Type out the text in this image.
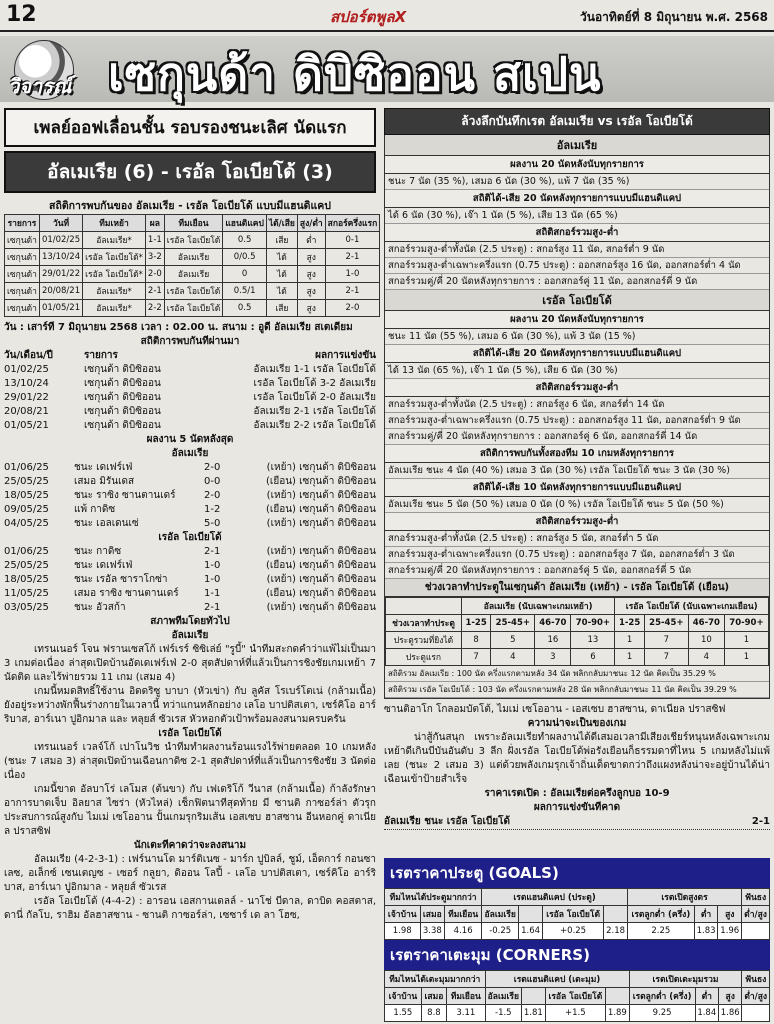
12	สปอร์ตพูลX	วันอาทิตย์ที่ 8 มิถุนายน พ.ศ. 2568
วิจารณ์ เซกุนด้า ดิบิซิออน สเปน
เพลย์ออฟเลื่อนชั้น รอบรองชนะเลิศ นัดแรก
อัลเมเรีย (6) - เรอัล โอเบียโด้ (3)
สถิติการพบกันของ อัลเมเรีย - เรอัล โอเบียโด้ แบบมีแฮนดิแคป
รายการ	วันที่	ทีมเหย้า	ผล	ทีมเยือน	แฮนดิแคป	ได้/เสีย	สูง/ต่ำ	สกอร์ครึ่งแรก
เซกุนด้า	01/02/25	อัลเมเรีย*	1-1	เรอัล โอเบียโด้	0.5	เสีย	ต่ำ	0-1
เซกุนด้า	13/10/24	เรอัล โอเบียโด้*	3-2	อัลเมเรีย	0/0.5	ได้	สูง	2-1
เซกุนด้า	29/01/22	เรอัล โอเบียโด้*	2-0	อัลเมเรีย	0	ได้	สูง	1-0
เซกุนด้า	20/08/21	อัลเมเรีย*	2-1	เรอัล โอเบียโด้	0.5/1	ได้	สูง	2-1
เซกุนด้า	01/05/21	อัลเมเรีย*	2-2	เรอัล โอเบียโด้	0.5	เสีย	สูง	2-0
วัน : เสาร์ที่ 7 มิถุนายน 2568 เวลา : 02.00 น. สนาม : อูดี อัลเมเรีย สเตเดียม
สถิติการพบกันที่ผ่านมา
วัน/เดือน/ปี	รายการ	ผลการแข่งขัน
01/02/25	เซกุนด้า ดิบิซิออน	อัลเมเรีย 1-1 เรอัล โอเบียโด้
13/10/24	เซกุนด้า ดิบิซิออน	เรอัล โอเบียโด้ 3-2 อัลเมเรีย
29/01/22	เซกุนด้า ดิบิซิออน	เรอัล โอเบียโด้ 2-0 อัลเมเรีย
20/08/21	เซกุนด้า ดิบิซิออน	อัลเมเรีย 2-1 เรอัล โอเบียโด้
01/05/21	เซกุนด้า ดิบิซิออน	อัลเมเรีย 2-2 เรอัล โอเบียโด้
ผลงาน 5 นัดหลังสุด
อัลเมเรีย
01/06/25	ชนะ เดเฟร์เฟ่	2-0	(เหย้า) เซกุนด้า ดิบิซิออน
25/05/25	เสมอ มิรันเดส	0-0	(เยือน) เซกุนด้า ดิบิซิออน
18/05/25	ชนะ ราซิ่ง ซานตานเดร์	2-0	(เหย้า) เซกุนด้า ดิบิซิออน
09/05/25	แพ้ กาดิซ	1-2	(เยือน) เซกุนด้า ดิบิซิออน
04/05/25	ชนะ เอลเดนเซ่	5-0	(เหย้า) เซกุนด้า ดิบิซิออน
เรอัล โอเบียโด้
01/06/25	ชนะ กาดิซ	2-1	(เหย้า) เซกุนด้า ดิบิซิออน
25/05/25	ชนะ เดเฟร์เฟ่	1-0	(เยือน) เซกุนด้า ดิบิซิออน
18/05/25	ชนะ เรอัล ซาราโกซ่า	1-0	(เหย้า) เซกุนด้า ดิบิซิออน
11/05/25	เสมอ ราซิ่ง ซานตานเดร์	1-1	(เยือน) เซกุนด้า ดิบิซิออน
03/05/25	ชนะ อัวสก้า	2-1	(เหย้า) เซกุนด้า ดิบิซิออน
สภาพทีมโดยทั่วไป
อัลเมเรีย
เทรนเนอร์ โจน ฟรานเซสโก้ เฟร์เรร์ ซิซิเล่ย์ "รูบี้" นำทีมสะกดคำว่าแพ้ไม่เป็นมา 3 เกมต่อเนื่อง ล่าสุดเปิดบ้านอัดเดเฟร์เฟ่ 2-0 สุดสัปดาห์ที่แล้วเป็นการชิงชัยเกมเหย้า 7 นัดติด และไร้พ่ายรวม 11 เกม (เสมอ 4)
เกมนี้หมดสิทธิ์ใช้งาน อิดดริซู บาบา (หัวเข่า) กับ ลูคัส โรเบร์โตเน่ (กล้ามเนื้อ) ยังอยู่ระหว่างพักฟื้นร่างกายในเวลานี้ ทว่าแกนหลักอย่าง เลโอ บาปติสเตา, เซร์คิโอ อาร์ริบาส, อาร์เนา ปูอิกมาล และ หลุยส์ ซัวเรส หัวหอกตัวเป้าพร้อมลงสนามครบครัน
เรอัล โอเบียโด้
เทรนเนอร์ เวลจ์โก้ เปาโนวิช นำทีมทำผลงานร้อนแรงไร้พ่ายตลอด 10 เกมหลัง (ชนะ 7 เสมอ 3) ล่าสุดเปิดบ้านเฉือนกาดิซ 2-1 สุดสัปดาห์ที่แล้วเป็นการชิงชัย 3 นัดต่อเนื่อง
เกมนี้ขาด อัลบาโร่ เลโมส (ต้นขา) กับ เฟเดริโก้ วีนาส (กล้ามเนื้อ) ก้าลังรักษาอาการบาดเจ็บ อิลยาส ไซร่า (หัวไหล่) เช็กฟิตนาทีสุดท้าย มี ซานติ กาซอร์ล่า ตัวรุกประสบการณ์สูงกับ ไมเม่ เซโออาน ปั้นเกมรุกริมเส้น เอสเซบ ฮาสซาน อีนหอกคู่ ดาเนียล ปราสซิฟ
นักเตะที่คาดว่าจะลงสนาม
อัลเมเรีย (4-2-3-1) : เฟร์นานโด มาร์ติเนซ - มาร์ก ปูบิลล์, ชูม์, เอ็ดการ์ กอนซาเลซ, อเล็กซ์ เซนเตญซ - เซอร์ กลูยา, ดิออน โลปี้ - เลโอ บาปติสเตา, เซร์คิโอ อาร์ริบาส, อาร์เนา ปูอิกมาล - หลุยส์ ซัวเรส
เรอัล โอเบียโด้ (4-4-2) : อารอน เอสกานเดลล์ - นาโช่ บีดาล, ดาบิด คอสตาส, ดานี่ กัลโบ, ราฮิม อัลฮาสซาน - ซานติ กาซอร์ล่า, เซซาร์ เด ลา โฮซ,
ล้วงลึกบันทึกเรต อัลเมเรีย vs เรอัล โอเบียโด้
อัลเมเรีย
ผลงาน 20 นัดหลังนับทุกรายการ
ชนะ 7 นัด (35 %), เสมอ 6 นัด (30 %), แพ้ 7 นัด (35 %)
สถิติได้-เสีย 20 นัดหลังทุกรายการแบบมีแฮนดิแคป
ได้ 6 นัด (30 %), เจ๊า 1 นัด (5 %), เสีย 13 นัด (65 %)
สถิติสกอร์รวมสูง-ต่ำ
สกอร์รวมสูง-ต่ำทั้งนัด (2.5 ประตู) : สกอร์สูง 11 นัด, สกอร์ต่ำ 9 นัด
สกอร์รวมสูง-ต่ำเฉพาะครึ่งแรก (0.75 ประตู) : ออกสกอร์สูง 16 นัด, ออกสกอร์ต่ำ 4 นัด
สกอร์รวมคู่/คี่ 20 นัดหลังทุกรายการ : ออกสกอร์คู่ 11 นัด, ออกสกอร์คี่ 9 นัด
เรอัล โอเบียโด้
ผลงาน 20 นัดหลังนับทุกรายการ
ชนะ 11 นัด (55 %), เสมอ 6 นัด (30 %), แพ้ 3 นัด (15 %)
สถิติได้-เสีย 20 นัดหลังทุกรายการแบบมีแฮนดิแคป
ได้ 13 นัด (65 %), เจ๊า 1 นัด (5 %), เสีย 6 นัด (30 %)
สถิติสกอร์รวมสูง-ต่ำ
สกอร์รวมสูง-ต่ำทั้งนัด (2.5 ประตู) : สกอร์สูง 6 นัด, สกอร์ต่ำ 14 นัด
สกอร์รวมสูง-ต่ำเฉพาะครึ่งแรก (0.75 ประตู) : ออกสกอร์สูง 11 นัด, ออกสกอร์ต่ำ 9 นัด
สกอร์รวมคู่/คี่ 20 นัดหลังทุกรายการ : ออกสกอร์คู่ 6 นัด, ออกสกอร์คี่ 14 นัด
สถิติการพบกันทั้งสองทีม 10 เกมหลังทุกรายการ
อัลเมเรีย ชนะ 4 นัด (40 %) เสมอ 3 นัด (30 %) เรอัล โอเบียโด้ ชนะ 3 นัด (30 %)
สถิติได้-เสีย 10 นัดหลังทุกรายการแบบมีแฮนดิแคป
อัลเมเรีย ชนะ 5 นัด (50 %) เสมอ 0 นัด (0 %) เรอัล โอเบียโด้ ชนะ 5 นัด (50 %)
สถิติสกอร์รวมสูง-ต่ำ
สกอร์รวมสูง-ต่ำทั้งนัด (2.5 ประตู) : สกอร์สูง 5 นัด, สกอร์ต่ำ 5 นัด
สกอร์รวมสูง-ต่ำเฉพาะครึ่งแรก (0.75 ประตู) : ออกสกอร์สูง 7 นัด, ออกสกอร์ต่ำ 3 นัด
สกอร์รวมคู่/คี่ 20 นัดหลังทุกรายการ : ออกสกอร์คู่ 5 นัด, ออกสกอร์คี่ 5 นัด
ช่วงเวลาทำประตูในเซกุนด้า อัลเมเรีย (เหย้า) - เรอัล โอเบียโด้ (เยือน)
	อัลเมเรีย (นับเฉพาะเกมเหย้า)				เรอัล โอเบียโด้ (นับเฉพาะเกมเยือน)			
ช่วงเวลาทำประตู	1-25	25-45+	46-70	70-90+	1-25	25-45+	46-70	70-90+
ประตูรวมที่ยิงได้	8	5	16	13	1	7	10	1
ประตูแรก	7	4	3	6	1	7	4	1
สถิติรวม อัลเมเรีย : 100 นัด ครึ่งแรกตามหลัง 34 นัด พลิกกลับมาชนะ 12 นัด คิดเป็น 35.29 %
สถิติรวม เรอัล โอเบียโด้ : 103 นัด ครึ่งแรกตามหลัง 28 นัด พลิกกลับมาชนะ 11 นัด คิดเป็น 39.29 %
ซานติอาโก โกลอมบัตโต้, ไมเม่ เซโออาน - เอสเซบ ฮาสซาน, ดาเนียล ปราสซิฟ
ความน่าจะเป็นของเกม
น่าสู้กันสนุก เพราะอัลเมเรียทำผลงานได้ดีเสมอเวลามีเสียงเชียร์หนุนหลังเฉพาะเกมเหย้าดีเกินบีบันอันดับ 3 ลีก ฝั่งเรอัล โอเบียโด้พ่อรังเยือนก็ธรรมดาที่ไหน 5 เกมหลังไม่แพ้เลย (ชนะ 2 เสมอ 3) แต่ด้วยพลังเกมรุกเจ้าถิ่นเด็ดขาดกว่าถึงแผงหลังน่าจะอยู่บ้านได้น่าเฉือนเข้าป้ายสำเร็จ
ราคาเรตเปิด : อัลเมเรียต่อครึ่งลูกบอ 10-9
ผลการแข่งขันที่คาด
อัลเมเรีย ชนะ เรอัล โอเบียโด้	2-1
เรตราคาประตู (GOALS)
ทีมไหนได้ประตูมากกว่า			เรตแฮนดิแคป (ประตู)				เรตเปิดสูงตร			ฟันธง
เจ้าบ้าน	เสมอ	ทีมเยือน	อัลเมเรีย		เรอัล โอเบียโด้		เรตลูกต่ำ (ครึ่ง)	ต่ำ	สูง	ต่ำ/สูง
1.98	3.38	4.16	-0.25	1.64	+0.25	2.18	2.25	1.83	1.96	
เรตราคาเตะมุม (CORNERS)
ทีมไหนได้เตะมุมมากกว่า			เรตแฮนดิแคป (เตะมุม)				เรตเปิดเตะมุมรวม			ฟันธง
เจ้าบ้าน	เสมอ	ทีมเยือน	อัลเมเรีย		เรอัล โอเบียโด้		เรตลูกต่ำ (ครึ่ง)	ต่ำ	สูง	ต่ำ/สูง
1.55	8.8	3.11	-1.5	1.81	+1.5	1.89	9.25	1.84	1.86	
